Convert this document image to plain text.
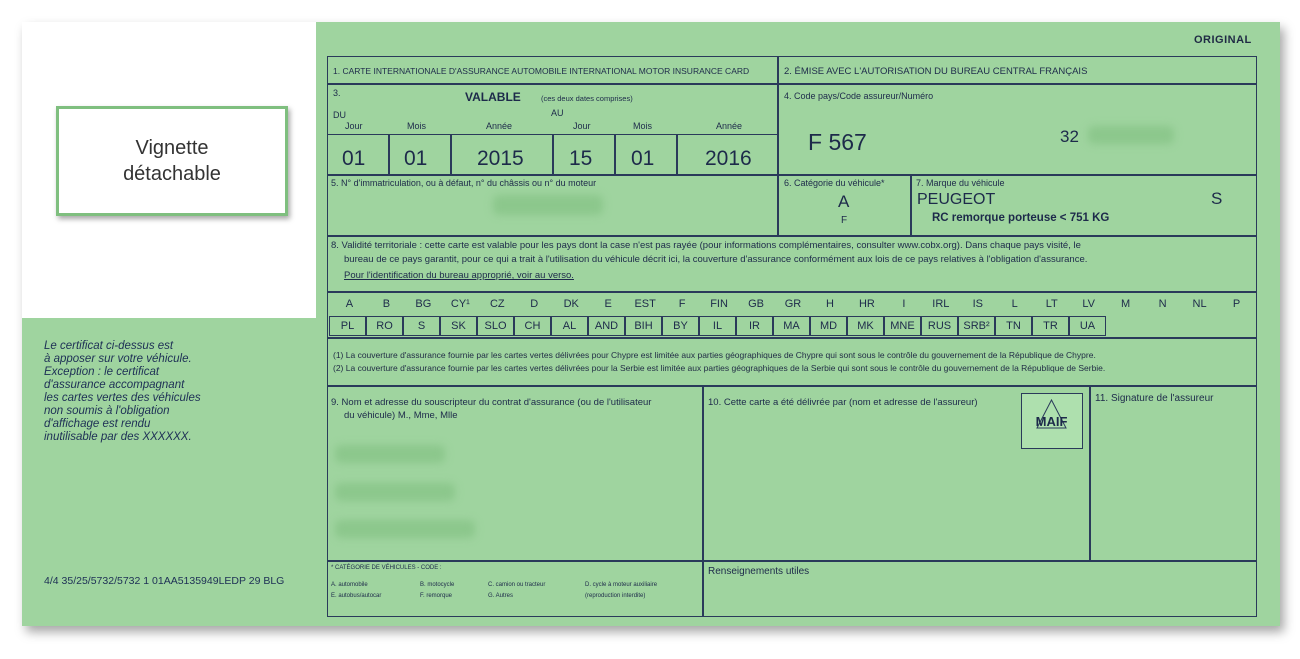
Vignette
détachable
Le certificat ci-dessus est
à apposer sur votre véhicule.
Exception : le certificat
d'assurance accompagnant
les cartes vertes des véhicules
non soumis à l'obligation
d'affichage est rendu
inutilisable par des XXXXXX.
4/4 35/25/5732/5732 1 01AA5135949LEDP 29 BLG
ORIGINAL
1. CARTE INTERNATIONALE D'ASSURANCE AUTOMOBILE INTERNATIONAL MOTOR INSURANCE CARD	2. ÉMISE AVEC L'AUTORISATION DU BUREAU CENTRAL FRANÇAIS
3.	VALABLE	(ces deux dates comprises)
DU	AU
Jour	Mois	Année	Jour	Mois	Année
01 01 2015 15 01 2016
4. Code pays/Code assureur/Numéro
F 567	32
5. N° d'immatriculation, ou à défaut, n° du châssis ou n° du moteur	6. Catégorie du véhicule*
A
F
7. Marque du véhicule
PEUGEOT
RC remorque porteuse < 751 KG
S
8. Validité territoriale : cette carte est valable pour les pays dont la case n'est pas rayée (pour informations complémentaires, consulter www.cobx.org). Dans chaque pays visité, le
bureau de ce pays garantit, pour ce qui a trait à l'utilisation du véhicule décrit ici, la couverture d'assurance conformément aux lois de ce pays relatives à l'obligation d'assurance.
Pour l'identification du bureau approprié, voir au verso.
A	B	BG	CY¹	CZ	D	DK	E	EST	F	FIN	GB	GR	H	HR	I	IRL	IS	L	LT	LV	M	N	NL	P
PL	RO	S	SK	SLO	CH	AL	AND	BIH	BY	IL	IR	MA	MD	MK	MNE	RUS	SRB²	TN	TR	UA
(1) La couverture d'assurance fournie par les cartes vertes délivrées pour Chypre est limitée aux parties géographiques de Chypre qui sont sous le contrôle du gouvernement de la République de Chypre.
(2) La couverture d'assurance fournie par les cartes vertes délivrées pour la Serbie est limitée aux parties géographiques de la Serbie qui sont sous le contrôle du gouvernement de la République de Serbie.
9. Nom et adresse du souscripteur du contrat d'assurance (ou de l'utilisateur
du véhicule) M., Mme, Mlle
10. Cette carte a été délivrée par (nom et adresse de l'assureur)
MAIF
11. Signature de l'assureur
* CATÉGORIE DE VÉHICULES - CODE :
A. automobile	B. motocycle	C. camion ou tracteur	D. cycle à moteur auxiliaire
E. autobus/autocar	F. remorque	G. Autres	(reproduction interdite)
Renseignements utiles
